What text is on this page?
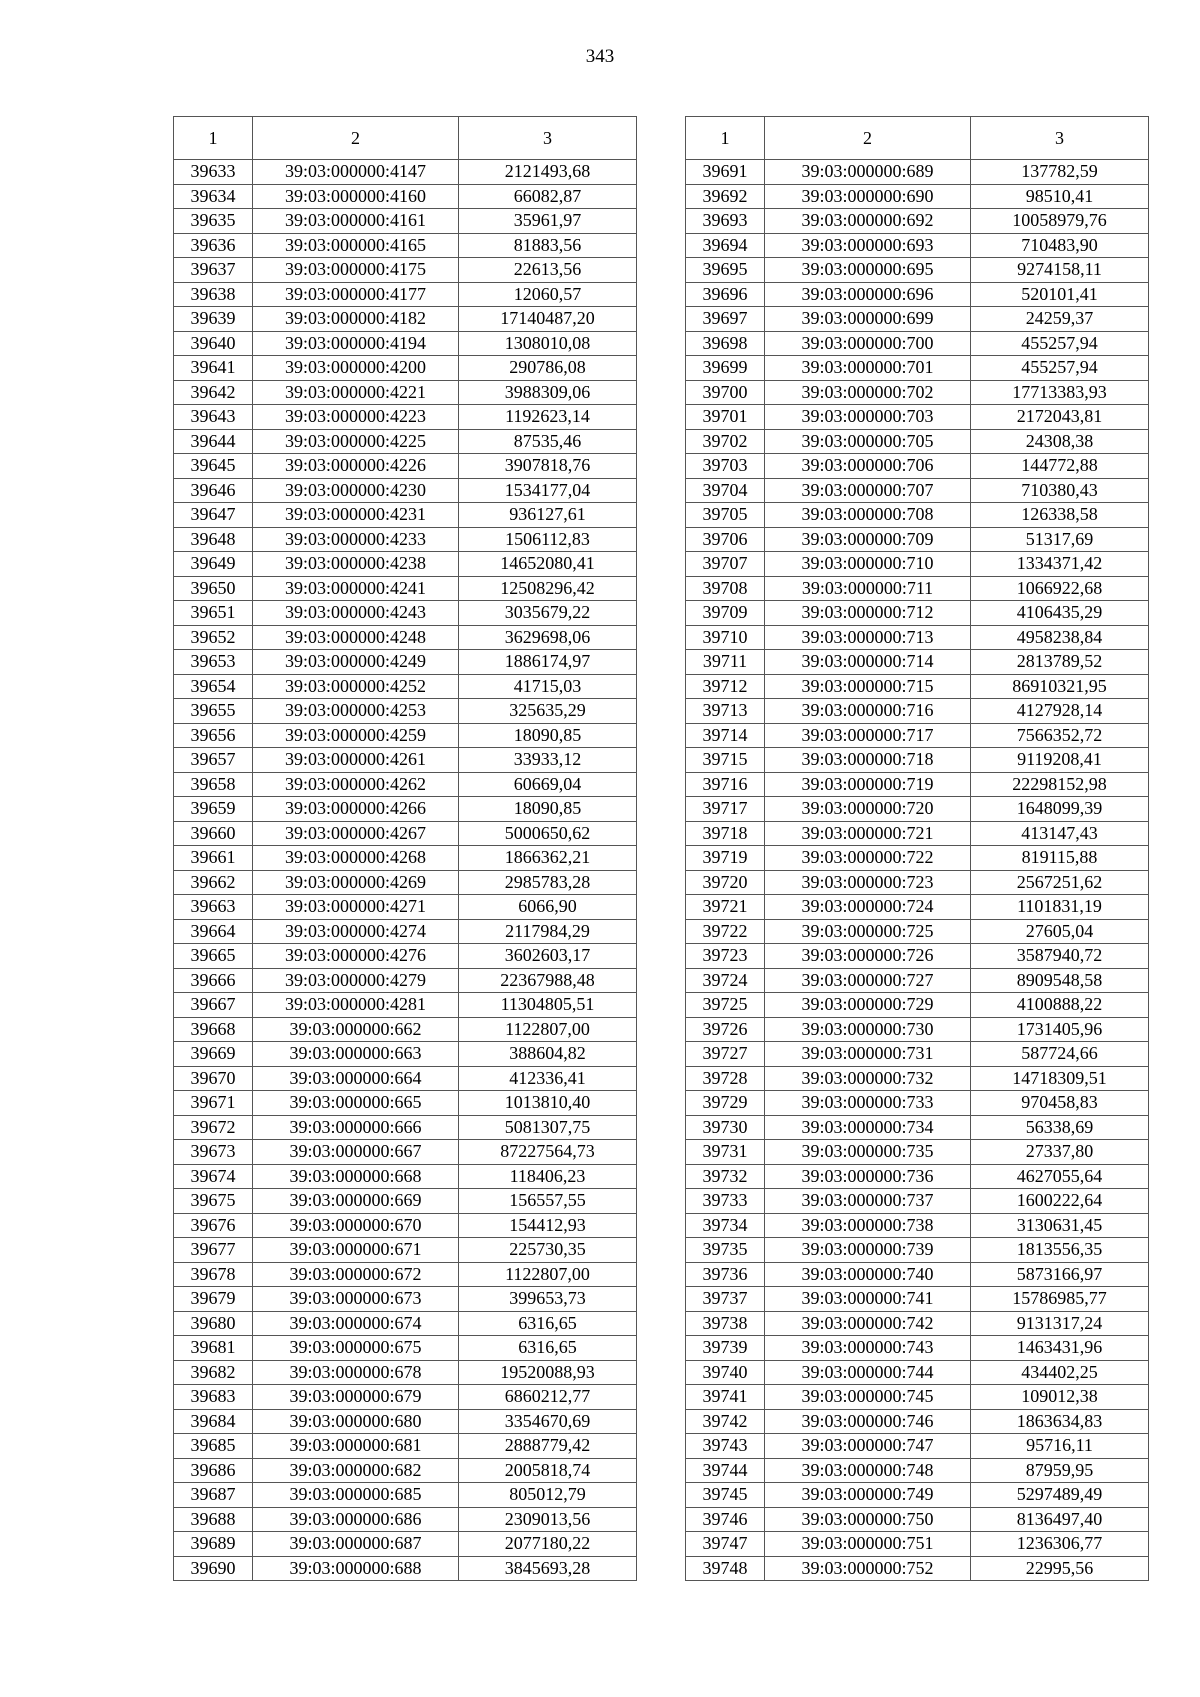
343
1	2	3
39633	39:03:000000:4147	2121493,68
39634	39:03:000000:4160	66082,87
39635	39:03:000000:4161	35961,97
39636	39:03:000000:4165	81883,56
39637	39:03:000000:4175	22613,56
39638	39:03:000000:4177	12060,57
39639	39:03:000000:4182	17140487,20
39640	39:03:000000:4194	1308010,08
39641	39:03:000000:4200	290786,08
39642	39:03:000000:4221	3988309,06
39643	39:03:000000:4223	1192623,14
39644	39:03:000000:4225	87535,46
39645	39:03:000000:4226	3907818,76
39646	39:03:000000:4230	1534177,04
39647	39:03:000000:4231	936127,61
39648	39:03:000000:4233	1506112,83
39649	39:03:000000:4238	14652080,41
39650	39:03:000000:4241	12508296,42
39651	39:03:000000:4243	3035679,22
39652	39:03:000000:4248	3629698,06
39653	39:03:000000:4249	1886174,97
39654	39:03:000000:4252	41715,03
39655	39:03:000000:4253	325635,29
39656	39:03:000000:4259	18090,85
39657	39:03:000000:4261	33933,12
39658	39:03:000000:4262	60669,04
39659	39:03:000000:4266	18090,85
39660	39:03:000000:4267	5000650,62
39661	39:03:000000:4268	1866362,21
39662	39:03:000000:4269	2985783,28
39663	39:03:000000:4271	6066,90
39664	39:03:000000:4274	2117984,29
39665	39:03:000000:4276	3602603,17
39666	39:03:000000:4279	22367988,48
39667	39:03:000000:4281	11304805,51
39668	39:03:000000:662	1122807,00
39669	39:03:000000:663	388604,82
39670	39:03:000000:664	412336,41
39671	39:03:000000:665	1013810,40
39672	39:03:000000:666	5081307,75
39673	39:03:000000:667	87227564,73
39674	39:03:000000:668	118406,23
39675	39:03:000000:669	156557,55
39676	39:03:000000:670	154412,93
39677	39:03:000000:671	225730,35
39678	39:03:000000:672	1122807,00
39679	39:03:000000:673	399653,73
39680	39:03:000000:674	6316,65
39681	39:03:000000:675	6316,65
39682	39:03:000000:678	19520088,93
39683	39:03:000000:679	6860212,77
39684	39:03:000000:680	3354670,69
39685	39:03:000000:681	2888779,42
39686	39:03:000000:682	2005818,74
39687	39:03:000000:685	805012,79
39688	39:03:000000:686	2309013,56
39689	39:03:000000:687	2077180,22
39690	39:03:000000:688	3845693,28
1	2	3
39691	39:03:000000:689	137782,59
39692	39:03:000000:690	98510,41
39693	39:03:000000:692	10058979,76
39694	39:03:000000:693	710483,90
39695	39:03:000000:695	9274158,11
39696	39:03:000000:696	520101,41
39697	39:03:000000:699	24259,37
39698	39:03:000000:700	455257,94
39699	39:03:000000:701	455257,94
39700	39:03:000000:702	17713383,93
39701	39:03:000000:703	2172043,81
39702	39:03:000000:705	24308,38
39703	39:03:000000:706	144772,88
39704	39:03:000000:707	710380,43
39705	39:03:000000:708	126338,58
39706	39:03:000000:709	51317,69
39707	39:03:000000:710	1334371,42
39708	39:03:000000:711	1066922,68
39709	39:03:000000:712	4106435,29
39710	39:03:000000:713	4958238,84
39711	39:03:000000:714	2813789,52
39712	39:03:000000:715	86910321,95
39713	39:03:000000:716	4127928,14
39714	39:03:000000:717	7566352,72
39715	39:03:000000:718	9119208,41
39716	39:03:000000:719	22298152,98
39717	39:03:000000:720	1648099,39
39718	39:03:000000:721	413147,43
39719	39:03:000000:722	819115,88
39720	39:03:000000:723	2567251,62
39721	39:03:000000:724	1101831,19
39722	39:03:000000:725	27605,04
39723	39:03:000000:726	3587940,72
39724	39:03:000000:727	8909548,58
39725	39:03:000000:729	4100888,22
39726	39:03:000000:730	1731405,96
39727	39:03:000000:731	587724,66
39728	39:03:000000:732	14718309,51
39729	39:03:000000:733	970458,83
39730	39:03:000000:734	56338,69
39731	39:03:000000:735	27337,80
39732	39:03:000000:736	4627055,64
39733	39:03:000000:737	1600222,64
39734	39:03:000000:738	3130631,45
39735	39:03:000000:739	1813556,35
39736	39:03:000000:740	5873166,97
39737	39:03:000000:741	15786985,77
39738	39:03:000000:742	9131317,24
39739	39:03:000000:743	1463431,96
39740	39:03:000000:744	434402,25
39741	39:03:000000:745	109012,38
39742	39:03:000000:746	1863634,83
39743	39:03:000000:747	95716,11
39744	39:03:000000:748	87959,95
39745	39:03:000000:749	5297489,49
39746	39:03:000000:750	8136497,40
39747	39:03:000000:751	1236306,77
39748	39:03:000000:752	22995,56
